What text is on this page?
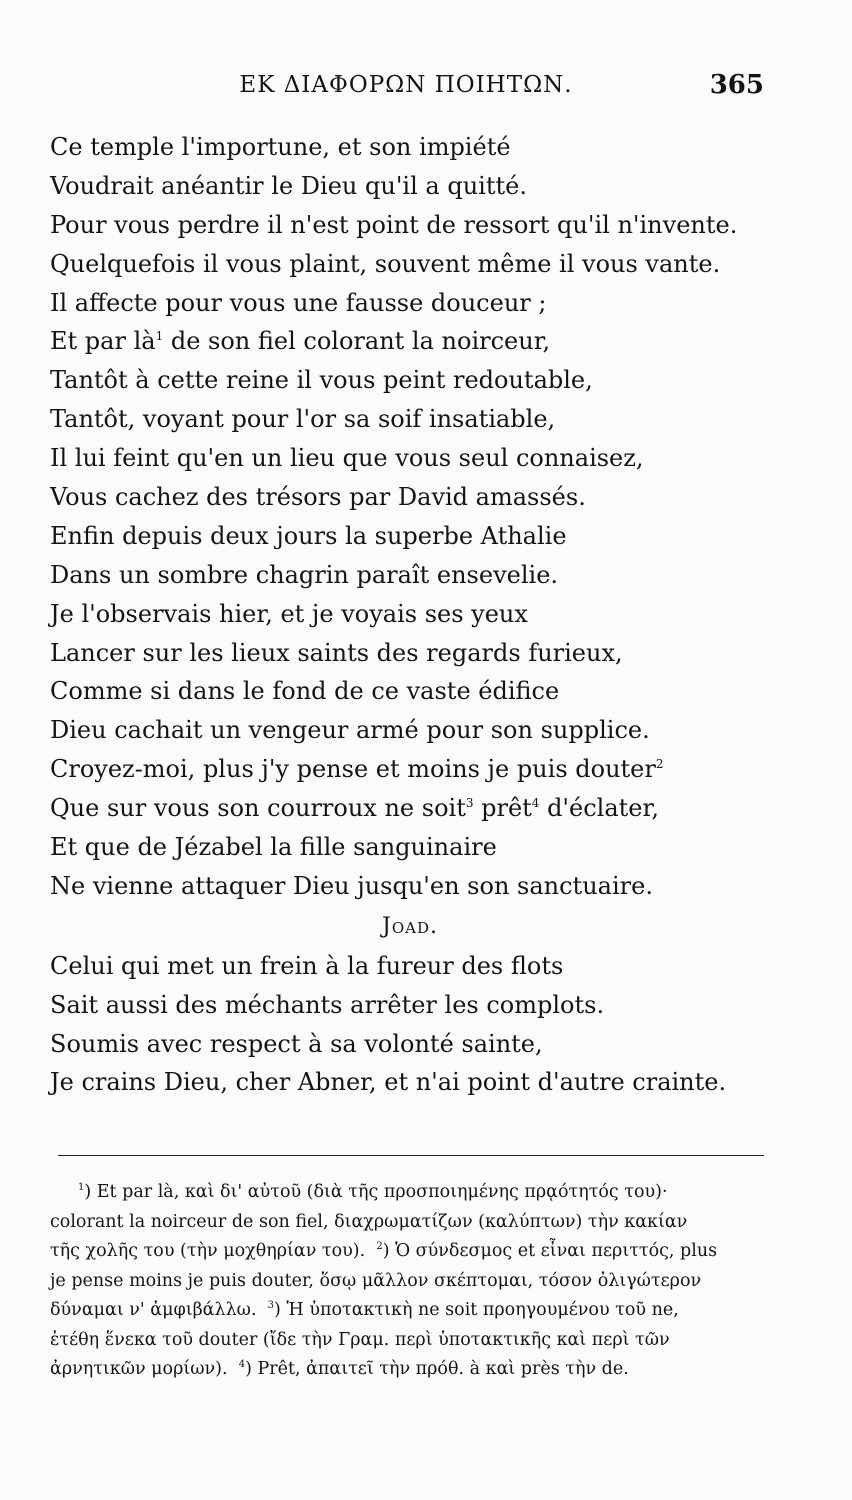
ΕΚ ΔΙΑΦΟΡΩΝ ΠΟΙΗΤΩΝ.	365
Ce temple l'importune, et son impiété
Voudrait anéantir le Dieu qu'il a quitté.
Pour vous perdre il n'est point de ressort qu'il n'invente.
Quelquefois il vous plaint, souvent même il vous vante.
Il affecte pour vous une fausse douceur ;
Et par $là^1$ de son fiel colorant la noirceur,
Tantôt à cette reine il vous peint redoutable,
Tantôt, voyant pour l'or sa soif insatiable,
Il lui feint qu'en un lieu que vous seul connaisez,
Vous cachez des trésors par David amassés.
Enfin depuis deux jours la superbe Athalie
Dans un sombre chagrin paraît ensevelie.
Je l'observais hier, et je voyais ses yeux
Lancer sur les lieux saints des regards furieux,
Comme si dans le fond de ce vaste édifice
Dieu cachait un vengeur armé pour son supplice.
Croyez-moi, plus j'y pense et moins je puis douter$^2$
Que sur vous son courroux ne soit$^3$ prêt$^4$ d'éclater,
Et que de Jézabel la fille sanguinaire
Ne vienne attaquer Dieu jusqu'en son sanctuaire.
Joad.
Celui qui met un frein à la fureur des flots
Sait aussi des méchants arrêter les complots.
Soumis avec respect à sa volonté sainte,
Je crains Dieu, cher Abner, et n'ai point d'autre crainte.
$^1$) Et par là, καὶ δι' αὐτοῦ (διὰ τῆς προσποιημένης πρᾳότητός του)·
colorant la noirceur de son fiel, διαχρωματίζων (καλύπτων) τὴν κακίαν
τῆς χολῆς του (τὴν μοχθηρίαν του). $^2$) Ὁ σύνδεσμος et εἶναι περιττός, plus
je pense moins je puis douter, ὅσῳ μᾶλλον σκέπτομαι, τόσον ὀλιγώτερον
δύναμαι ν' ἀμφιβάλλω. $^3$) Ἡ ὑποτακτικὴ ne soit προηγουμένου τοῦ ne,
ἐτέθη ἕνεκα τοῦ douter (ἴδε τὴν Γραμ. περὶ ὑποτακτικῆς καὶ περὶ τῶν
ἀρνητικῶν μορίων). $^4$) Prêt, ἀπαιτεῖ τὴν πρόθ. à καὶ près τὴν de.
